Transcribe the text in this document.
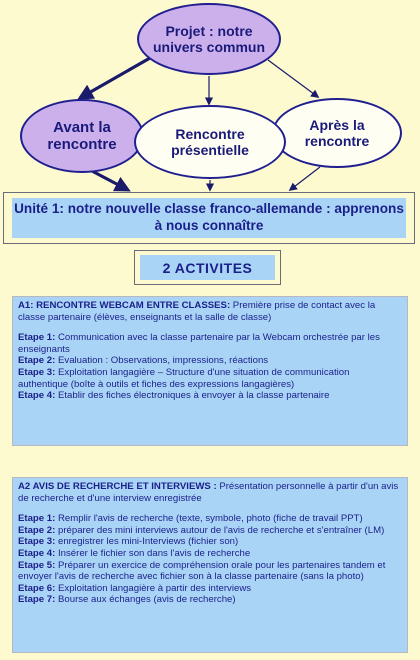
Projet : notre univers commun
Avant la rencontre
Après la rencontre
Rencontre présentielle
Unité 1: notre nouvelle classe franco-allemande : apprenons à nous connaître
2 ACTIVITES

A1: RENCONTRE WEBCAM ENTRE CLASSES: Première prise de contact avec la classe partenaire (élèves, enseignants et la salle de classe)

Etape 1: Communication avec la classe partenaire par la Webcam orchestrée par les enseignants

Etape 2: Evaluation : Observations, impressions, réactions

Etape 3: Exploitation langagière – Structure d'une situation de communication authentique (boîte à outils et fiches des expressions langagières)

Etape 4: Etablir des fiches électroniques à envoyer à la classe partenaire

A2 AVIS DE RECHERCHE ET INTERVIEWS : Présentation personnelle à partir d'un avis de recherche et d'une interview enregistrée

Etape 1: Remplir l'avis de recherche (texte, symbole, photo (fiche de travail PPT)

Etape 2: préparer des mini interviews autour de l'avis de recherche et s'entraîner (LM)

Etape 3: enregistrer les mini-Interviews (fichier son)

Etape 4: Insérer le fichier son dans l'avis de recherche

Etape 5: Préparer un exercice de compréhension orale pour les partenaires tandem et envoyer l'avis de recherche avec fichier son à la classe partenaire (sans la photo)

Etape 6: Exploitation langagière à partir des interviews

Etape 7: Bourse aux échanges (avis de recherche)
